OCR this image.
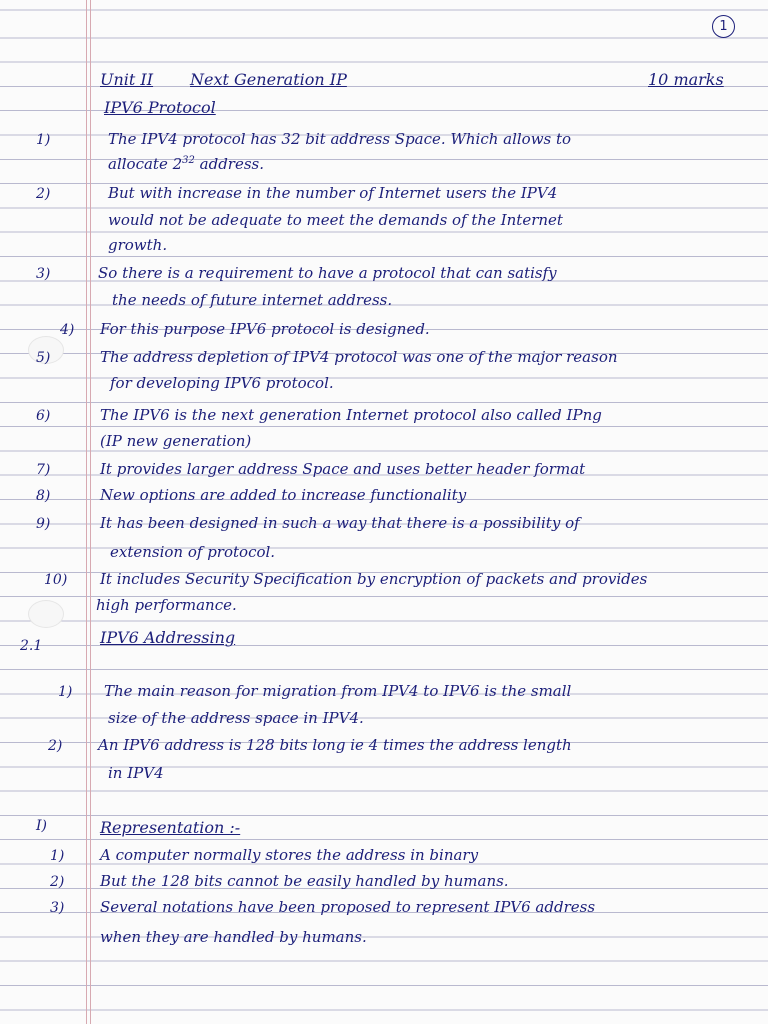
1
Unit II Next Generation IP	10 marks
IPV6 Protocol
1)	The IPV4 protocol has 32 bit address Space. Which allows to
allocate $2^{32}$ address.
2)	But with increase in the number of Internet users the IPV4
would not be adequate to meet the demands of the Internet
growth.
3)	So there is a requirement to have a protocol that can satisfy
the needs of future internet address.
4) For this purpose IPV6 protocol is designed.
5)	The address depletion of IPV4 protocol was one of the major reason
for developing IPV6 protocol.
6)	The IPV6 is the next generation Internet protocol also called IPng
(IP new generation)
7)	It provides larger address Space and uses better header format
8)	New options are added to increase functionality
9)	It has been designed in such a way that there is a possibility of
extension of protocol.
10) It includes Security Specification by encryption of packets and provides
high performance.
2.1	IPV6 Addressing
1) The main reason for migration from IPV4 to IPV6 is the small
size of the address space in IPV4.
2) An IPV6 address is 128 bits long ie 4 times the address length
in IPV4
I)	Representation :-
1) A computer normally stores the address in binary
2) But the 128 bits cannot be easily handled by humans.
3) Several notations have been proposed to represent IPV6 address
when they are handled by humans.
